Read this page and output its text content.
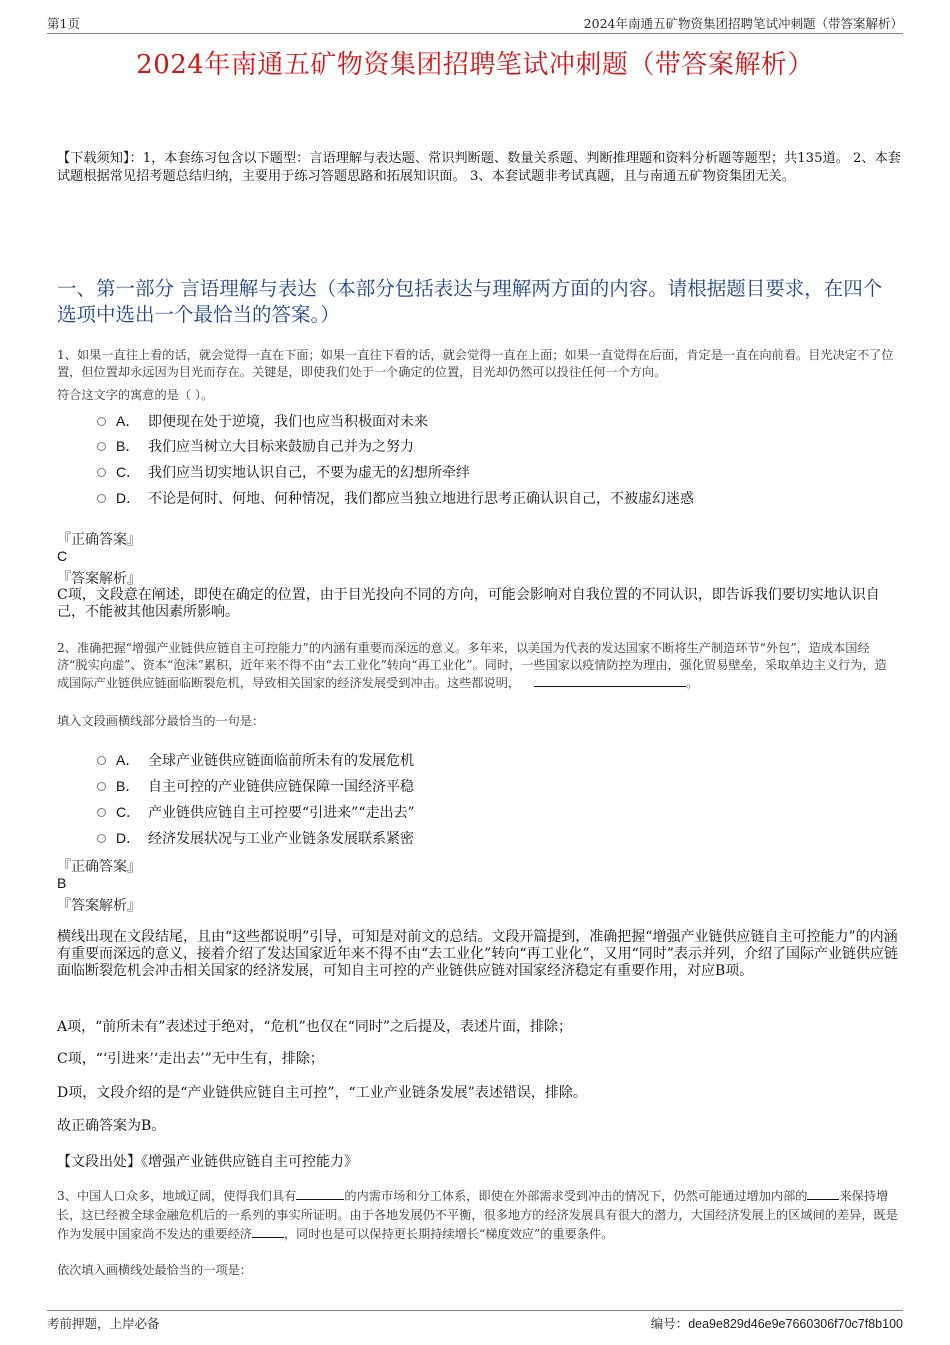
第1页	2024年南通五矿物资集团招聘笔试冲刺题（带答案解析）
2024年南通五矿物资集团招聘笔试冲刺题（带答案解析）
【下载须知】：1，本套练习包含以下题型：言语理解与表达题、常识判断题、数量关系题、判断推理题和资料分析题等题型；共135道。 2、本套试题根据常见招考题总结归纳，主要用于练习答题思路和拓展知识面。 3、本套试题非考试真题，且与南通五矿物资集团无关。
一、第一部分 言语理解与表达（本部分包括表达与理解两方面的内容。请根据题目要求，在四个选项中选出一个最恰当的答案。）
1、如果一直往上看的话，就会觉得一直在下面；如果一直往下看的话，就会觉得一直在上面；如果一直觉得在后面，肯定是一直在向前看。目光决定不了位置，但位置却永远因为目光而存在。关键是，即使我们处于一个确定的位置，目光却仍然可以投往任何一个方向。
符合这文字的寓意的是（ ）。
A． 即便现在处于逆境，我们也应当积极面对未来
B． 我们应当树立大目标来鼓励自己并为之努力
C． 我们应当切实地认识自己，不要为虚无的幻想所牵绊
D． 不论是何时、何地、何种情况，我们都应当独立地进行思考正确认识自己，不被虚幻迷惑
『正确答案』
C
『答案解析』
C项，文段意在阐述，即使在确定的位置，由于目光投向不同的方向，可能会影响对自我位置的不同认识，即告诉我们要切实地认识自己，不能被其他因素所影响。
2、准确把握“增强产业链供应链自主可控能力”的内涵有重要而深远的意义。多年来，以美国为代表的发达国家不断将生产制造环节“外包”，造成本国经济“脱实向虚”、资本“泡沫”累积，近年来不得不由“去工业化”转向“再工业化”。同时，一些国家以疫情防控为理由，强化贸易壁垒，采取单边主义行为，造成国际产业链供应链面临断裂危机，导致相关国家的经济发展受到冲击。这些都说明，	。
填入文段画横线部分最恰当的一句是：
A． 全球产业链供应链面临前所未有的发展危机
B． 自主可控的产业链供应链保障一国经济平稳
C． 产业链供应链自主可控要“引进来”“走出去”
D． 经济发展状况与工业产业链条发展联系紧密
『正确答案』
B
『答案解析』
横线出现在文段结尾，且由“这些都说明”引导，可知是对前文的总结。文段开篇提到，准确把握“增强产业链供应链自主可控能力”的内涵有重要而深远的意义，接着介绍了发达国家近年来不得不由“去工业化”转向“再工业化”，又用“同时”表示并列，介绍了国际产业链供应链面临断裂危机会冲击相关国家的经济发展，可知自主可控的产业链供应链对国家经济稳定有重要作用，对应B项。
A项，“前所未有”表述过于绝对，“危机”也仅在“同时”之后提及，表述片面，排除；
C项，“‘引进来’‘走出去’”无中生有，排除；
D项，文段介绍的是“产业链供应链自主可控”，“工业产业链条发展”表述错误，排除。
故正确答案为B。
【文段出处】《增强产业链供应链自主可控能力》
3、中国人口众多，地域辽阔，使得我们具有	的内需市场和分工体系，即使在外部需求受到冲击的情况下，仍然可能通过增加内部的	来保持增长，这已经被全球金融危机后的一系列的事实所证明。由于各地发展仍不平衡，很多地方的经济发展具有很大的潜力，大国经济发展上的区域间的差异，既是作为发展中国家尚不发达的重要经济	，同时也是可以保持更长期持续增长“梯度效应”的重要条件。
依次填入画横线处最恰当的一项是：
考前押题，上岸必备	编号：dea9e829d46e9e7660306f70c7f8b100
